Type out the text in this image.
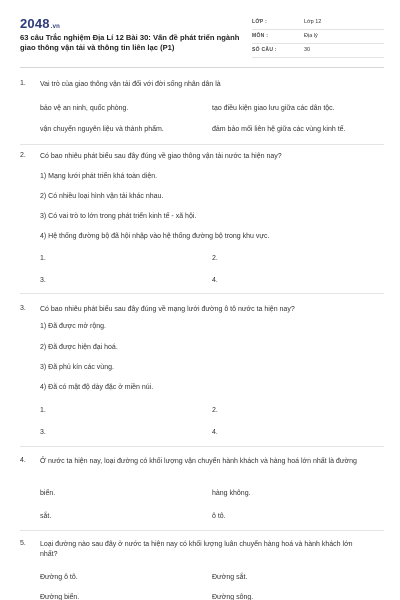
2048.vn
63 câu Trắc nghiệm Địa Lí 12 Bài 30: Vấn đề phát triển ngành giao thông vận tải và thông tin liên lạc (P1)
LỚP :	Lớp 12
MÔN :	Địa lý
SỐ CÂU :	30
1. Vai trò của giao thông vận tải đối với đời sống nhân dân là
bảo vệ an ninh, quốc phòng.	tạo điều kiện giao lưu giữa các dân tộc.
vận chuyển nguyên liệu và thành phẩm.	đảm bảo mối liên hệ giữa các vùng kinh tế.
2. Có bao nhiêu phát biểu sau đây đúng về giao thông vận tải nước ta hiện nay?
1) Mạng lưới phát triển khá toàn diện.
2) Có nhiều loại hình vận tải khác nhau.
3) Có vai trò to lớn trong phát triển kinh tế - xã hội.
4) Hệ thống đường bộ đã hội nhập vào hệ thống đường bộ trong khu vực.
1.	2.
3.	4.
3. Có bao nhiêu phát biểu sau đây đúng về mạng lưới đường ô tô nước ta hiện nay?
1) Đã được mở rộng.
2) Đã được hiện đại hoá.
3) Đã phủ kín các vùng.
4) Đã có mật độ dày đặc ở miền núi.
1.	2.
3.	4.
4. Ở nước ta hiện nay, loại đường có khối lượng vận chuyển hành khách và hàng hoá lớn nhất là đường
biển.	hàng không.
sắt.	ô tô.
5. Loại đường nào sau đây ở nước ta hiện nay có khối lượng luân chuyển hàng hoá và hành khách lớn nhất?
Đường ô tô.	Đường sắt.
Đường biển.	Đường sông.
